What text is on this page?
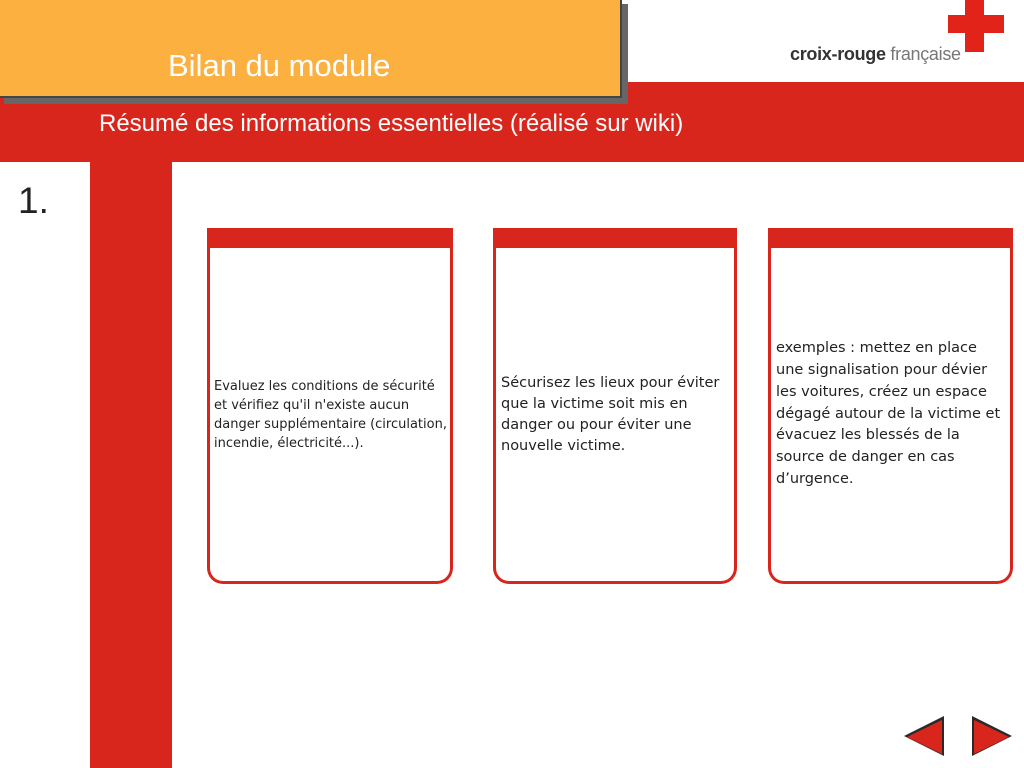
Bilan du module
Résumé des informations essentielles (réalisé sur wiki)
croix-rouge française
1.
Evaluez les conditions de sécurité et vérifiez qu'il n'existe aucun danger supplémentaire (circulation, incendie, électricité...).
Sécurisez les lieux pour éviter que la victime soit mis en danger ou pour éviter une nouvelle victime.
exemples : mettez en place une signalisation pour dévier les voitures, créez un espace dégagé autour de la victime et évacuez les blessés de la source de danger en cas d’urgence.
